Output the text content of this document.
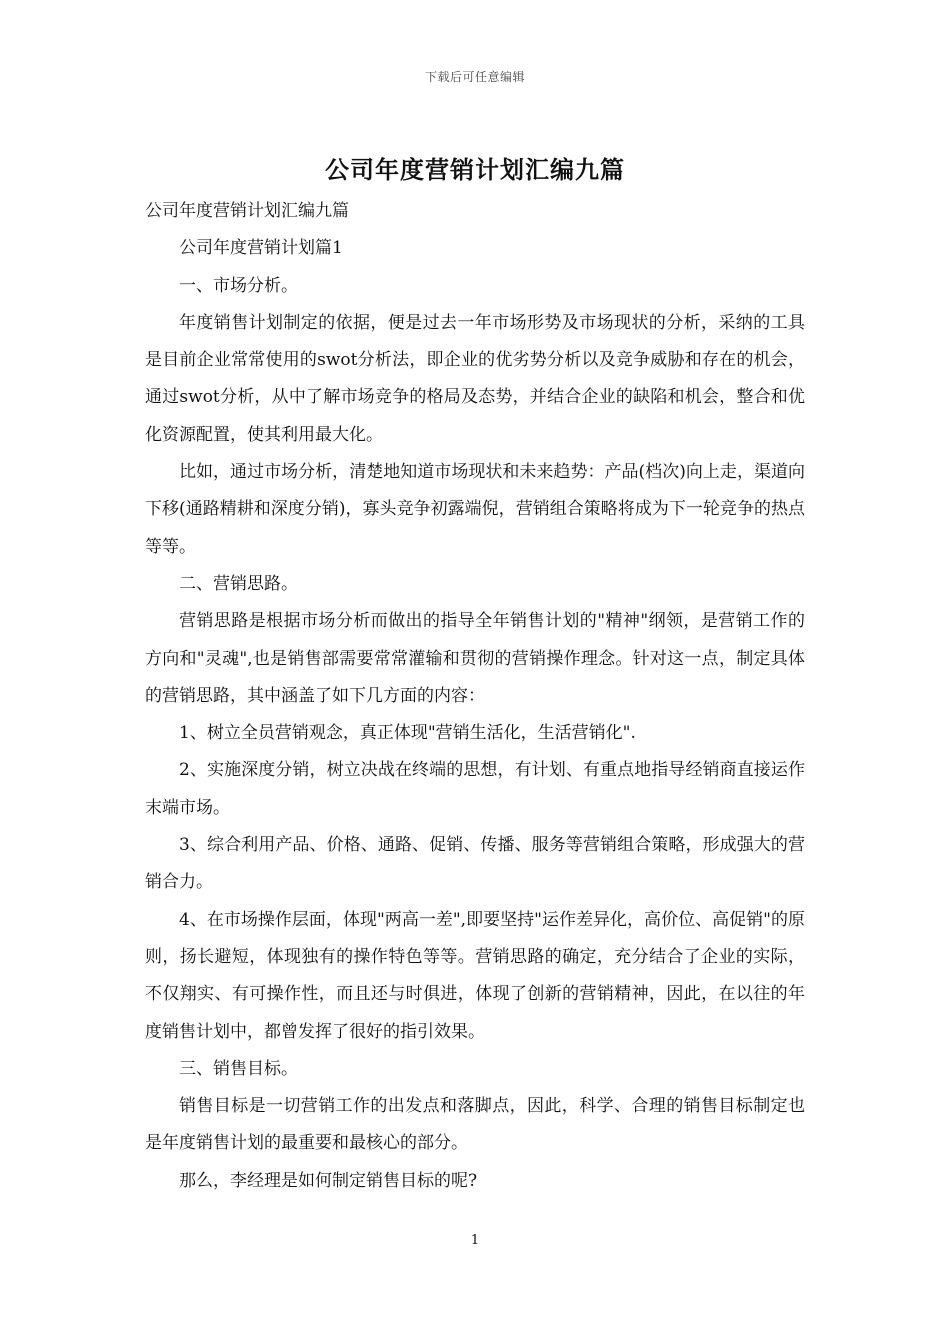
下载后可任意编辑
公司年度营销计划汇编九篇

公司年度营销计划汇编九篇

公司年度营销计划篇1

一、市场分析。

年度销售计划制定的依据，便是过去一年市场形势及市场现状的分析，采纳的工具是目前企业常常使用的swot分析法，即企业的优劣势分析以及竞争威胁和存在的机会，通过swot分析，从中了解市场竞争的格局及态势，并结合企业的缺陷和机会，整合和优化资源配置，使其利用最大化。

比如，通过市场分析，清楚地知道市场现状和未来趋势：产品(档次)向上走，渠道向下移(通路精耕和深度分销)，寡头竞争初露端倪，营销组合策略将成为下一轮竞争的热点等等。

二、营销思路。

营销思路是根据市场分析而做出的指导全年销售计划的"精神"纲领，是营销工作的方向和"灵魂",也是销售部需要常常灌输和贯彻的营销操作理念。针对这一点，制定具体的营销思路，其中涵盖了如下几方面的内容：

1、树立全员营销观念，真正体现"营销生活化，生活营销化".

2、实施深度分销，树立决战在终端的思想，有计划、有重点地指导经销商直接运作末端市场。

3、综合利用产品、价格、通路、促销、传播、服务等营销组合策略，形成强大的营销合力。

4、在市场操作层面，体现"两高一差",即要坚持"运作差异化，高价位、高促销"的原则，扬长避短，体现独有的操作特色等等。营销思路的确定，充分结合了企业的实际，不仅翔实、有可操作性，而且还与时俱进，体现了创新的营销精神，因此，在以往的年度销售计划中，都曾发挥了很好的指引效果。

三、销售目标。

销售目标是一切营销工作的出发点和落脚点，因此，科学、合理的销售目标制定也是年度销售计划的最重要和最核心的部分。

那么，李经理是如何制定销售目标的呢?

1
